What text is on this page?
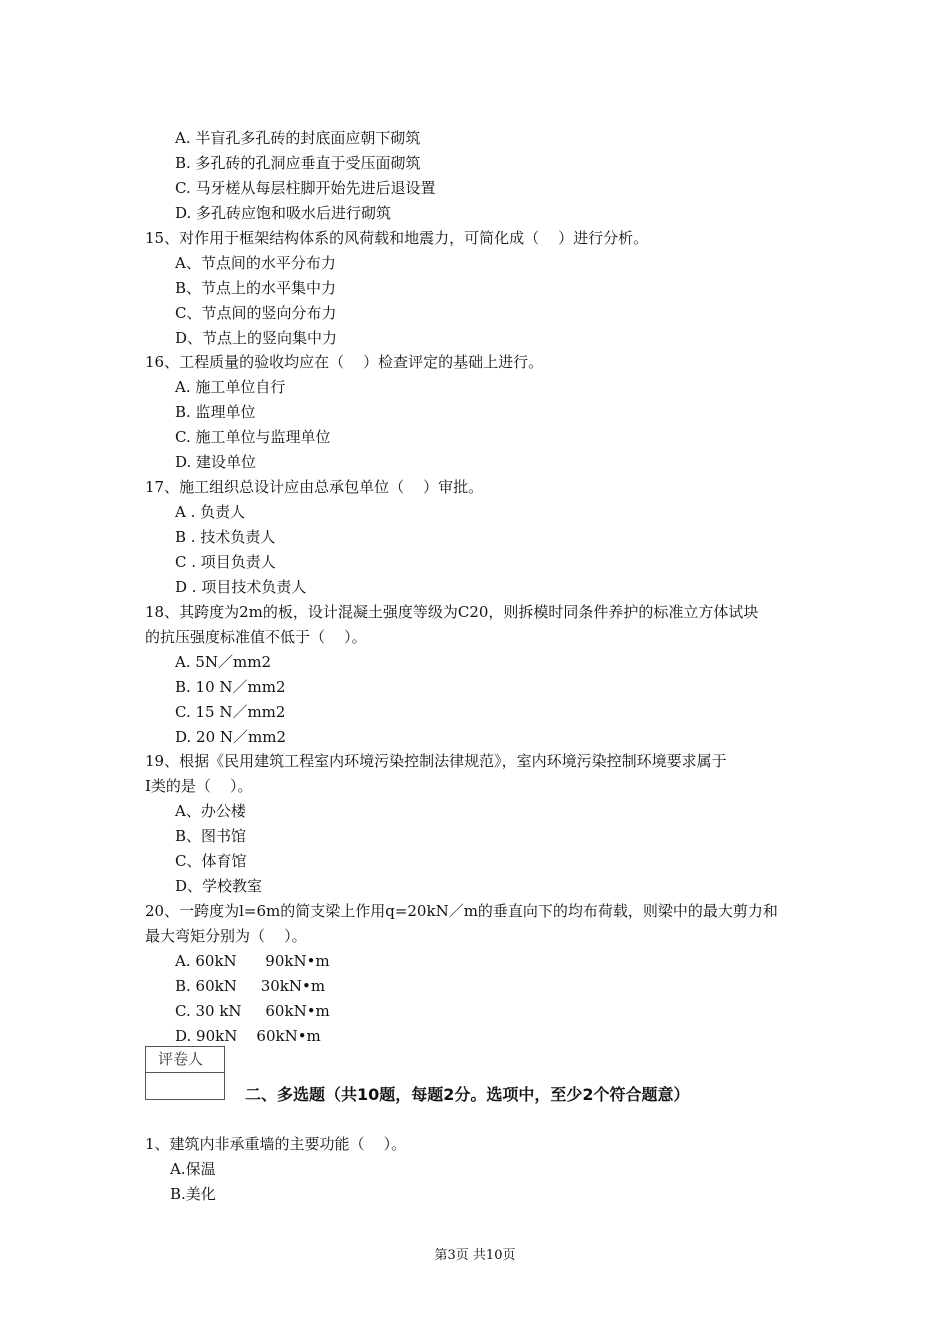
A. 半盲孔多孔砖的封底面应朝下砌筑
B. 多孔砖的孔洞应垂直于受压面砌筑
C. 马牙槎从每层柱脚开始先进后退设置
D. 多孔砖应饱和吸水后进行砌筑
15、对作用于框架结构体系的风荷载和地震力，可简化成（    ）进行分析。
A、节点间的水平分布力
B、节点上的水平集中力
C、节点间的竖向分布力
D、节点上的竖向集中力
16、工程质量的验收均应在（    ）检查评定的基础上进行。
A. 施工单位自行
B. 监理单位
C. 施工单位与监理单位
D. 建设单位
17、施工组织总设计应由总承包单位（    ）审批。
A . 负责人
B . 技术负责人
C . 项目负责人
D . 项目技术负责人
18、其跨度为2m的板，设计混凝土强度等级为C20，则拆模时同条件养护的标准立方体试块
的抗压强度标准值不低于（    ）。
A. 5N／mm2
B. 10 N／mm2
C. 15 N／mm2
D. 20 N／mm2
19、根据《民用建筑工程室内环境污染控制法律规范》，室内环境污染控制环境要求属于
Ⅰ类的是（    ）。
A、办公楼
B、图书馆
C、体育馆
D、学校教室
20、一跨度为l=6m的简支梁上作用q=20kN／m的垂直向下的均布荷载，则梁中的最大剪力和
最大弯矩分别为（    ）。
A. 60kN      90kN•m
B. 60kN     30kN•m
C. 30 kN     60kN•m
D. 90kN    60kN•m
1、建筑内非承重墙的主要功能（    ）。
A.保温
B.美化
评卷人
二、多选题（共10题，每题2分。选项中，至少2个符合题意）
第3页 共10页
